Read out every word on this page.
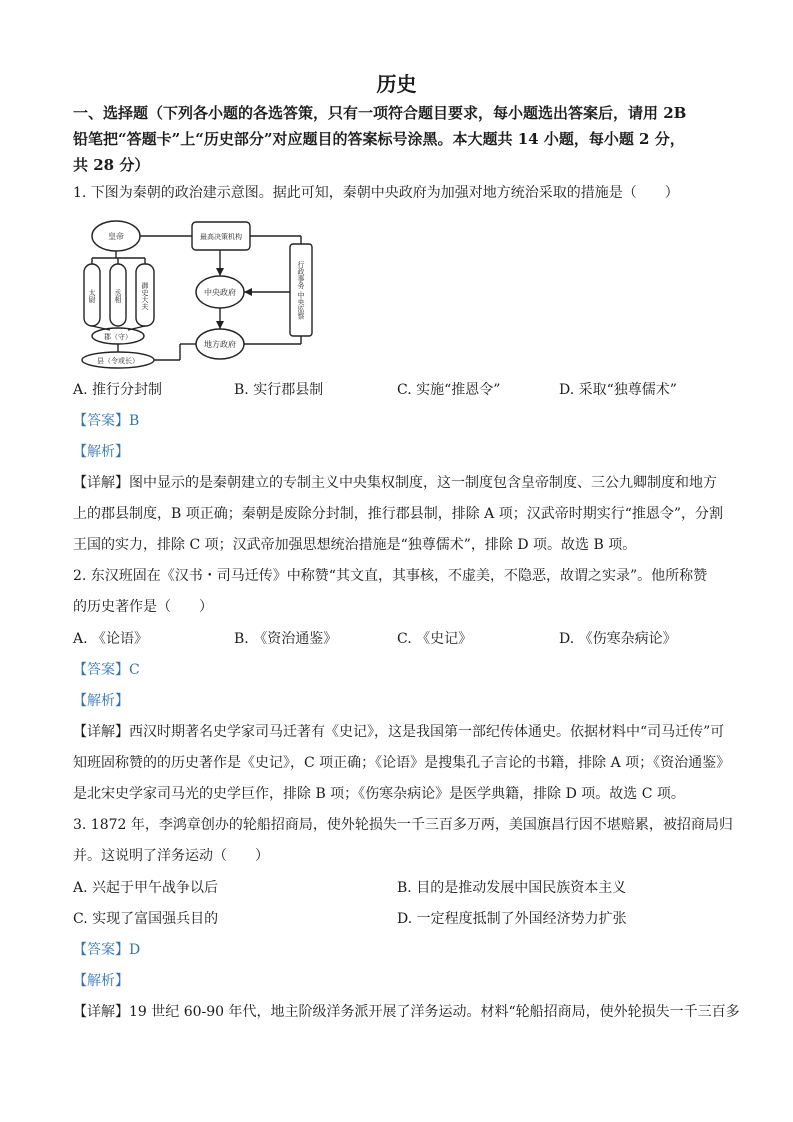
历史
一、选择题（下列各小题的各选答策，只有一项符合题目要求，每小题选出答案后，请用 2B
铅笔把“答题卡”上“历史部分”对应题目的答案标号涂黑。本大题共 14 小题，每小题 2 分，
共 28 分）
1. 下图为秦朝的政治建示意图。据此可知，秦朝中央政府为加强对地方统治采取的措施是（　　）
皇帝	最高决策机构
中央政府
地方政府
郡（守）
县（令或长）
太尉	丞相	御史大夫	行政事务 中央监察
A. 推行分封制	B. 实行郡县制	C. 实施“推恩令”	D. 采取“独尊儒术”
【答案】B
【解析】
【详解】图中显示的是秦朝建立的专制主义中央集权制度，这一制度包含皇帝制度、三公九卿制度和地方
上的郡县制度，B 项正确；秦朝是废除分封制，推行郡县制，排除 A 项；汉武帝时期实行“推恩令”，分割
王国的实力，排除 C 项；汉武帝加强思想统治措施是“独尊儒术”，排除 D 项。故选 B 项。
2. 东汉班固在《汉书・司马迁传》中称赞“其文直，其事核，不虚美，不隐恶，故谓之实录”。他所称赞
的历史著作是（　　）
A. 《论语》	B. 《资治通鉴》	C. 《史记》	D. 《伤寒杂病论》
【答案】C
【解析】
【详解】西汉时期著名史学家司马迁著有《史记》，这是我国第一部纪传体通史。依据材料中“司马迁传”可
知班固称赞的的历史著作是《史记》，C 项正确；《论语》是搜集孔子言论的书籍，排除 A 项；《资治通鉴》
是北宋史学家司马光的史学巨作，排除 B 项；《伤寒杂病论》是医学典籍，排除 D 项。故选 C 项。
3. 1872 年，李鸿章创办的轮船招商局，使外轮损失一千三百多万两，美国旗昌行因不堪赔累，被招商局归
并。这说明了洋务运动（　　）
A. 兴起于甲午战争以后	B. 目的是推动发展中国民族资本主义
C. 实现了富国强兵目的	D. 一定程度抵制了外国经济势力扩张
【答案】D
【解析】
【详解】19 世纪 60-90 年代，地主阶级洋务派开展了洋务运动。材料“轮船招商局，使外轮损失一千三百多
